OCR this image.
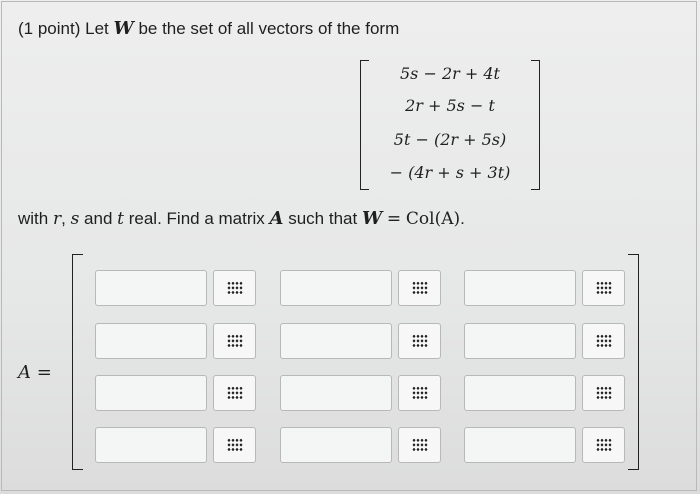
(1 point) Let W be the set of all vectors of the form
5s − 2r + 4t
2r + 5s − t
5t − (2r + 5s)
− (4r + s + 3t)
with r, s and t real. Find a matrix A such that W = Col(A).
A =
